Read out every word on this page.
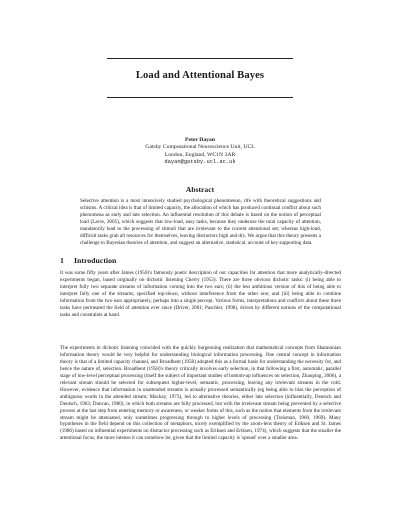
Load and Attentional Bayes
Peter Dayan
Gatsby Computational Neuroscience Unit, UCL
London, England, WC1N 3AR
dayan@gatsby.ucl.ac.uk
Abstract

Selective attention is a most intensively studied psychological phenomenon, rife with theoretical suggestions and schisms. A critical idea is that of limited capacity, the allocation of which has produced continual conflict about such phenomena as early and late selection. An influential resolution of this debate is based on the notion of perceptual load (Lavie, 2005), which suggests that low-load, easy tasks, because they underuse the total capacity of attention, mandatorily lead to the processing of stimuli that are irrelevant to the current attentional set; whereas high-load, difficult tasks grab all resources for themselves, leaving distractors high and dry. We argue that this theory presents a challenge to Bayesian theories of attention, and suggest an alternative, statistical, account of key supporting data.

1 Introduction

It was some fifty years after James (1950)'s famously poetic description of our capacities for attention that more analytically-directed experiments began, based originally on dichotic listening Cherry (1953). There are three obvious dichotic tasks: (i) being able to interpret fully two separate streams of information coming into the two ears; (ii) the less ambitious version of this of being able to interpret fully one of the streams, specified top-down, without interference from the other one; and (iii) being able to combine information from the two ears appropriately, perhaps into a single percept. Various forms, interpretations and conflicts about these three tasks have permeated the field of attention ever since (Driver, 2001; Paschler, 1998), driven by different notions of the computational tasks and constraints at hand.

The experiments in dichotic listening coincided with the quickly burgeoning realization that mathematical concepts from Shannonian information theory would be very helpful for understanding biological information processing. One central concept in information theory is that of a limited capacity channel, and Broadbent (1958) adopted this as a formal basis for understanding the necessity for, and hence the nature of, selection. Broadbent (1958)'s theory critically involves early selection, in that following a first, automatic, parallel stage of low-level perceptual processing (itself the subject of important studies of bottom-up influences on selection, Zhaoping, 2006), a relevant stream should be selected for subsequent higher-level, semantic, processing, leaving any irrelevant streams in the cold. However, evidence that information in unattended streams is actually processed semantically (eg being able to bias the perception of ambiguous words in the attended stream; Mackay, 1973), led to alternative theories, either late selection (influentially, Deutsch and Deutsch, 1963; Duncan, 1980), in which both streams are fully processed, but with the irrelevant stream being prevented by a selective process at the last step from entering memory or awareness, or weaker forms of this, such as the notion that elements from the irrelevant stream might be attenuated, only sometimes progressing through to higher levels of processing (Treisman, 1960, 1969). Many hypotheses in the field depend on this collection of metaphors, nicely exemplified by the zoom-lens theory of Eriksen and St. James (1986) based on influential experiments on distractor processing such as Eriksen and Eriksen, 1974), which suggests that the smaller the attentional focus, the more intense it can somehow be, given that the limited capacity is 'spread' over a smaller area.
